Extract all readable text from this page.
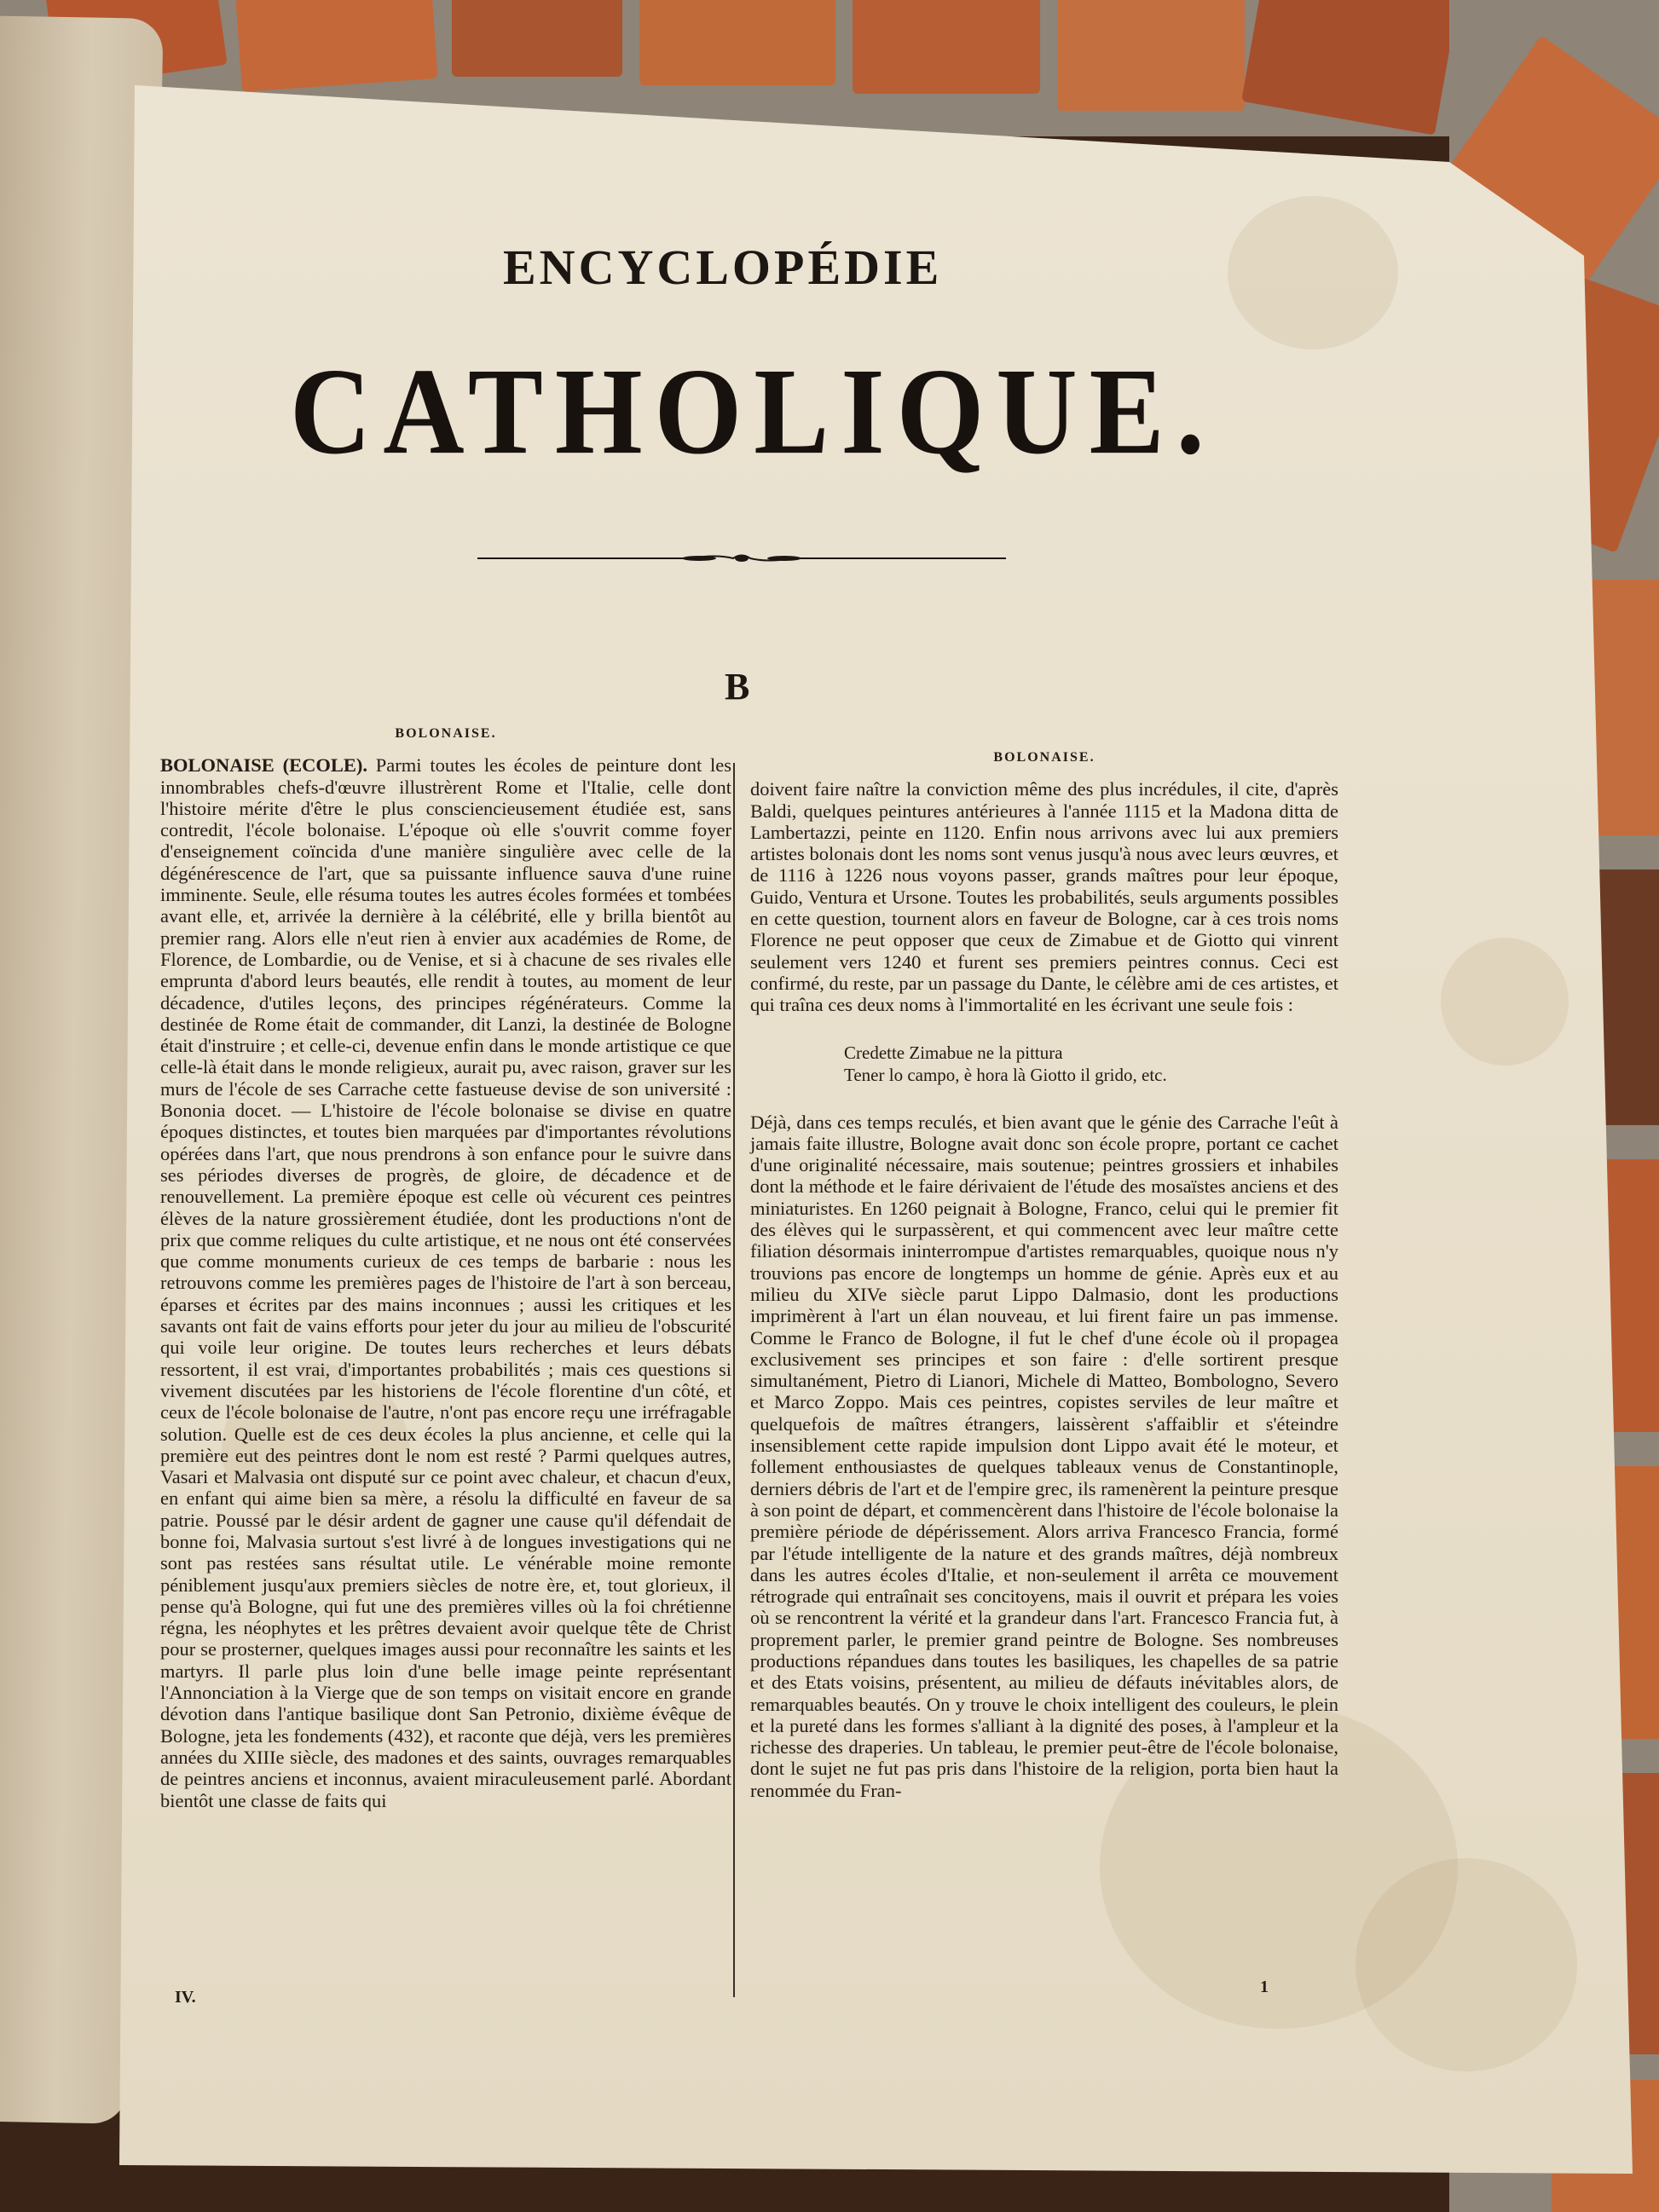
ENCYCLOPÉDIE
CATHOLIQUE.
B
BOLONAISE.

BOLONAISE (ECOLE). Parmi toutes les écoles de peinture dont les innombrables chefs-d'œuvre illustrèrent Rome et l'Italie, celle dont l'histoire mérite d'être le plus consciencieusement étudiée est, sans contredit, l'école bolonaise. L'époque où elle s'ouvrit comme foyer d'enseignement coïncida d'une manière singulière avec celle de la dégénérescence de l'art, que sa puissante influence sauva d'une ruine imminente. Seule, elle résuma toutes les autres écoles formées et tombées avant elle, et, arrivée la dernière à la célébrité, elle y brilla bientôt au premier rang. Alors elle n'eut rien à envier aux académies de Rome, de Florence, de Lombardie, ou de Venise, et si à chacune de ses rivales elle emprunta d'abord leurs beautés, elle rendit à toutes, au moment de leur décadence, d'utiles leçons, des principes régénérateurs. Comme la destinée de Rome était de commander, dit Lanzi, la destinée de Bologne était d'instruire ; et celle-ci, devenue enfin dans le monde artistique ce que celle-là était dans le monde religieux, aurait pu, avec raison, graver sur les murs de l'école de ses Carrache cette fastueuse devise de son université : Bononia docet. — L'histoire de l'école bolonaise se divise en quatre époques distinctes, et toutes bien marquées par d'importantes révolutions opérées dans l'art, que nous prendrons à son enfance pour le suivre dans ses périodes diverses de progrès, de gloire, de décadence et de renouvellement. La première époque est celle où vécurent ces peintres élèves de la nature grossièrement étudiée, dont les productions n'ont de prix que comme reliques du culte artistique, et ne nous ont été conservées que comme monuments curieux de ces temps de barbarie : nous les retrouvons comme les premières pages de l'histoire de l'art à son berceau, éparses et écrites par des mains inconnues ; aussi les critiques et les savants ont fait de vains efforts pour jeter du jour au milieu de l'obscurité qui voile leur origine. De toutes leurs recherches et leurs débats ressortent, il est vrai, d'importantes probabilités ; mais ces questions si vivement discutées par les historiens de l'école florentine d'un côté, et ceux de l'école bolonaise de l'autre, n'ont pas encore reçu une irréfragable solution. Quelle est de ces deux écoles la plus ancienne, et celle qui la première eut des peintres dont le nom est resté ? Parmi quelques autres, Vasari et Malvasia ont disputé sur ce point avec chaleur, et chacun d'eux, en enfant qui aime bien sa mère, a résolu la difficulté en faveur de sa patrie. Poussé par le désir ardent de gagner une cause qu'il défendait de bonne foi, Malvasia surtout s'est livré à de longues investigations qui ne sont pas restées sans résultat utile. Le vénérable moine remonte péniblement jusqu'aux premiers siècles de notre ère, et, tout glorieux, il pense qu'à Bologne, qui fut une des premières villes où la foi chrétienne régna, les néophytes et les prêtres devaient avoir quelque tête de Christ pour se prosterner, quelques images aussi pour reconnaître les saints et les martyrs. Il parle plus loin d'une belle image peinte représentant l'Annonciation à la Vierge que de son temps on visitait encore en grande dévotion dans l'antique basilique dont San Petronio, dixième évêque de Bologne, jeta les fondements (432), et raconte que déjà, vers les premières années du XIIIe siècle, des madones et des saints, ouvrages remarquables de peintres anciens et inconnus, avaient miraculeusement parlé. Abordant bientôt une classe de faits qui

BOLONAISE.

doivent faire naître la conviction même des plus incrédules, il cite, d'après Baldi, quelques peintures antérieures à l'année 1115 et la Madona ditta de Lambertazzi, peinte en 1120. Enfin nous arrivons avec lui aux premiers artistes bolonais dont les noms sont venus jusqu'à nous avec leurs œuvres, et de 1116 à 1226 nous voyons passer, grands maîtres pour leur époque, Guido, Ventura et Ursone. Toutes les probabilités, seuls arguments possibles en cette question, tournent alors en faveur de Bologne, car à ces trois noms Florence ne peut opposer que ceux de Zimabue et de Giotto qui vinrent seulement vers 1240 et furent ses premiers peintres connus. Ceci est confirmé, du reste, par un passage du Dante, le célèbre ami de ces artistes, et qui traîna ces deux noms à l'immortalité en les écrivant une seule fois :

Credette Zimabue ne la pittura
Tener lo campo, è hora là Giotto il grido, etc.

Déjà, dans ces temps reculés, et bien avant que le génie des Carrache l'eût à jamais faite illustre, Bologne avait donc son école propre, portant ce cachet d'une originalité nécessaire, mais soutenue; peintres grossiers et inhabiles dont la méthode et le faire dérivaient de l'étude des mosaïstes anciens et des miniaturistes. En 1260 peignait à Bologne, Franco, celui qui le premier fit des élèves qui le surpassèrent, et qui commencent avec leur maître cette filiation désormais ininterrompue d'artistes remarquables, quoique nous n'y trouvions pas encore de longtemps un homme de génie. Après eux et au milieu du XIVe siècle parut Lippo Dalmasio, dont les productions imprimèrent à l'art un élan nouveau, et lui firent faire un pas immense. Comme le Franco de Bologne, il fut le chef d'une école où il propagea exclusivement ses principes et son faire : d'elle sortirent presque simultanément, Pietro di Lianori, Michele di Matteo, Bombologno, Severo et Marco Zoppo. Mais ces peintres, copistes serviles de leur maître et quelquefois de maîtres étrangers, laissèrent s'affaiblir et s'éteindre insensiblement cette rapide impulsion dont Lippo avait été le moteur, et follement enthousiastes de quelques tableaux venus de Constantinople, derniers débris de l'art et de l'empire grec, ils ramenèrent la peinture presque à son point de départ, et commencèrent dans l'histoire de l'école bolonaise la première période de dépérissement. Alors arriva Francesco Francia, formé par l'étude intelligente de la nature et des grands maîtres, déjà nombreux dans les autres écoles d'Italie, et non-seulement il arrêta ce mouvement rétrograde qui entraînait ses concitoyens, mais il ouvrit et prépara les voies où se rencontrent la vérité et la grandeur dans l'art. Francesco Francia fut, à proprement parler, le premier grand peintre de Bologne. Ses nombreuses productions répandues dans toutes les basiliques, les chapelles de sa patrie et des Etats voisins, présentent, au milieu de défauts inévitables alors, de remarquables beautés. On y trouve le choix intelligent des couleurs, le plein et la pureté dans les formes s'alliant à la dignité des poses, à l'ampleur et la richesse des draperies. Un tableau, le premier peut-être de l'école bolonaise, dont le sujet ne fut pas pris dans l'histoire de la religion, porta bien haut la renommée du Fran-

IV.
1
